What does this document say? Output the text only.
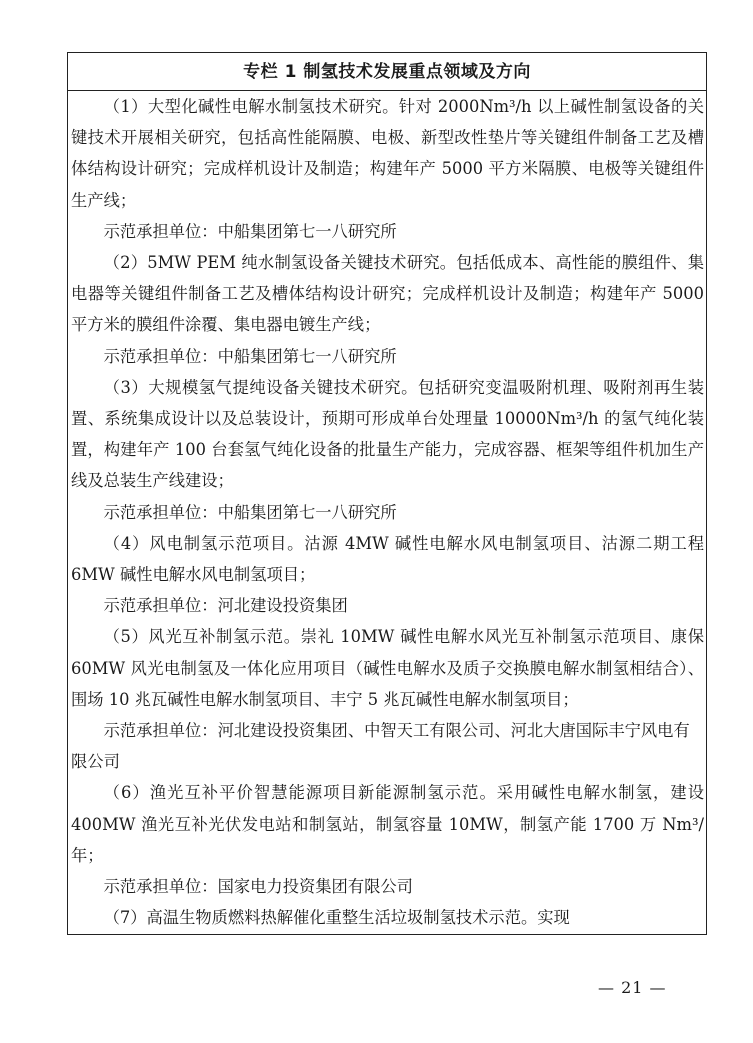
专栏 1 制氢技术发展重点领域及方向

（1）大型化碱性电解水制氢技术研究。针对 2000Nm³/h 以上碱性制氢设备的关键技术开展相关研究，包括高性能隔膜、电极、新型改性垫片等关键组件制备工艺及槽体结构设计研究；完成样机设计及制造；构建年产 5000 平方米隔膜、电极等关键组件生产线；

示范承担单位：中船集团第七一八研究所

（2）5MW PEM 纯水制氢设备关键技术研究。包括低成本、高性能的膜组件、集电器等关键组件制备工艺及槽体结构设计研究；完成样机设计及制造；构建年产 5000 平方米的膜组件涂覆、集电器电镀生产线；

示范承担单位：中船集团第七一八研究所

（3）大规模氢气提纯设备关键技术研究。包括研究变温吸附机理、吸附剂再生装置、系统集成设计以及总装设计，预期可形成单台处理量 10000Nm³/h 的氢气纯化装置，构建年产 100 台套氢气纯化设备的批量生产能力，完成容器、框架等组件机加生产线及总装生产线建设；

示范承担单位：中船集团第七一八研究所

（4）风电制氢示范项目。沽源 4MW 碱性电解水风电制氢项目、沽源二期工程 6MW 碱性电解水风电制氢项目；

示范承担单位：河北建设投资集团

（5）风光互补制氢示范。崇礼 10MW 碱性电解水风光互补制氢示范项目、康保 60MW 风光电制氢及一体化应用项目（碱性电解水及质子交换膜电解水制氢相结合）、围场 10 兆瓦碱性电解水制氢项目、丰宁 5 兆瓦碱性电解水制氢项目；

示范承担单位：河北建设投资集团、中智天工有限公司、河北大唐国际丰宁风电有限公司

（6）渔光互补平价智慧能源项目新能源制氢示范。采用碱性电解水制氢，建设 400MW 渔光互补光伏发电站和制氢站，制氢容量 10MW，制氢产能 1700 万 Nm³/年；

示范承担单位：国家电力投资集团有限公司

（7）高温生物质燃料热解催化重整生活垃圾制氢技术示范。实现

— 21 —
